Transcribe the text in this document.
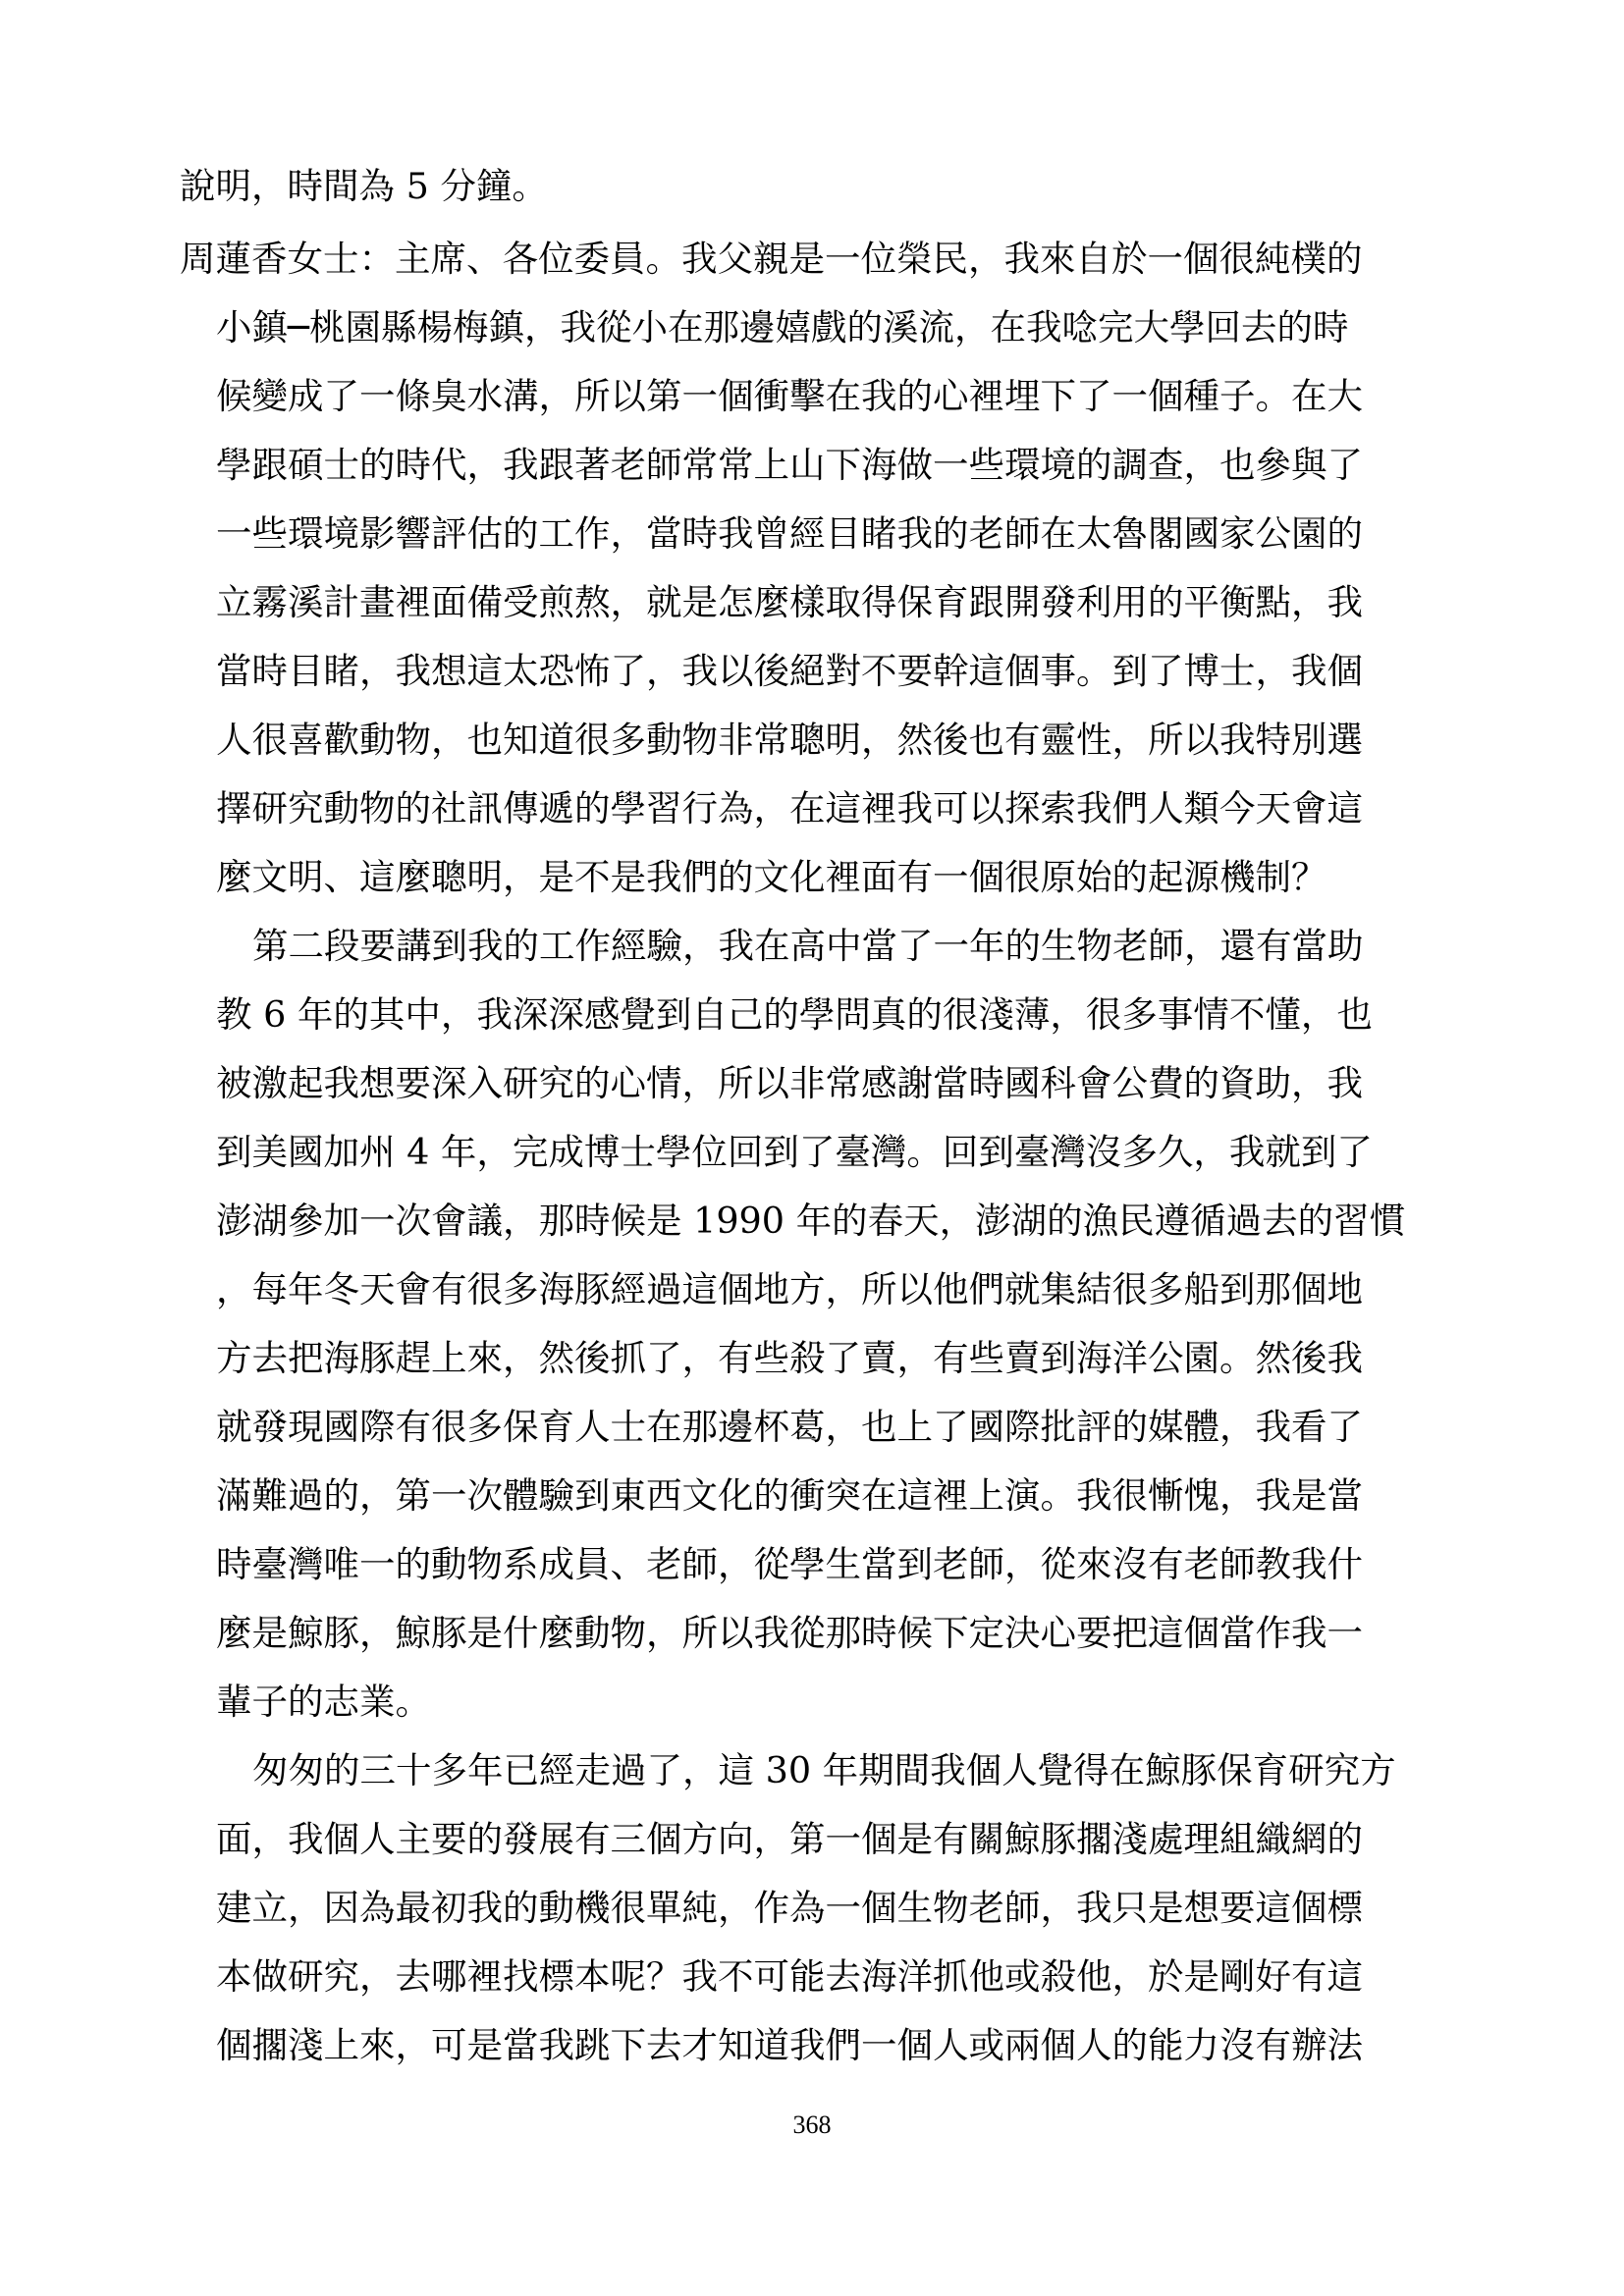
說明，時間為 5 分鐘。
周蓮香女士：主席、各位委員。我父親是一位榮民，我來自於一個很純樸的
小鎮─桃園縣楊梅鎮，我從小在那邊嬉戲的溪流，在我唸完大學回去的時
候變成了一條臭水溝，所以第一個衝擊在我的心裡埋下了一個種子。在大
學跟碩士的時代，我跟著老師常常上山下海做一些環境的調查，也參與了
一些環境影響評估的工作，當時我曾經目睹我的老師在太魯閣國家公園的
立霧溪計畫裡面備受煎熬，就是怎麼樣取得保育跟開發利用的平衡點，我
當時目睹，我想這太恐怖了，我以後絕對不要幹這個事。到了博士，我個
人很喜歡動物，也知道很多動物非常聰明，然後也有靈性，所以我特別選
擇研究動物的社訊傳遞的學習行為，在這裡我可以探索我們人類今天會這
麼文明、這麼聰明，是不是我們的文化裡面有一個很原始的起源機制？
第二段要講到我的工作經驗，我在高中當了一年的生物老師，還有當助
教 6 年的其中，我深深感覺到自己的學問真的很淺薄，很多事情不懂，也
被激起我想要深入研究的心情，所以非常感謝當時國科會公費的資助，我
到美國加州 4 年，完成博士學位回到了臺灣。回到臺灣沒多久，我就到了
澎湖參加一次會議，那時候是 1990 年的春天，澎湖的漁民遵循過去的習慣
，每年冬天會有很多海豚經過這個地方，所以他們就集結很多船到那個地
方去把海豚趕上來，然後抓了，有些殺了賣，有些賣到海洋公園。然後我
就發現國際有很多保育人士在那邊杯葛，也上了國際批評的媒體，我看了
滿難過的，第一次體驗到東西文化的衝突在這裡上演。我很慚愧，我是當
時臺灣唯一的動物系成員、老師，從學生當到老師，從來沒有老師教我什
麼是鯨豚，鯨豚是什麼動物，所以我從那時候下定決心要把這個當作我一
輩子的志業。
匆匆的三十多年已經走過了，這 30 年期間我個人覺得在鯨豚保育研究方
面，我個人主要的發展有三個方向，第一個是有關鯨豚擱淺處理組織網的
建立，因為最初我的動機很單純，作為一個生物老師，我只是想要這個標
本做研究，去哪裡找標本呢？我不可能去海洋抓他或殺他，於是剛好有這
個擱淺上來，可是當我跳下去才知道我們一個人或兩個人的能力沒有辦法
368
